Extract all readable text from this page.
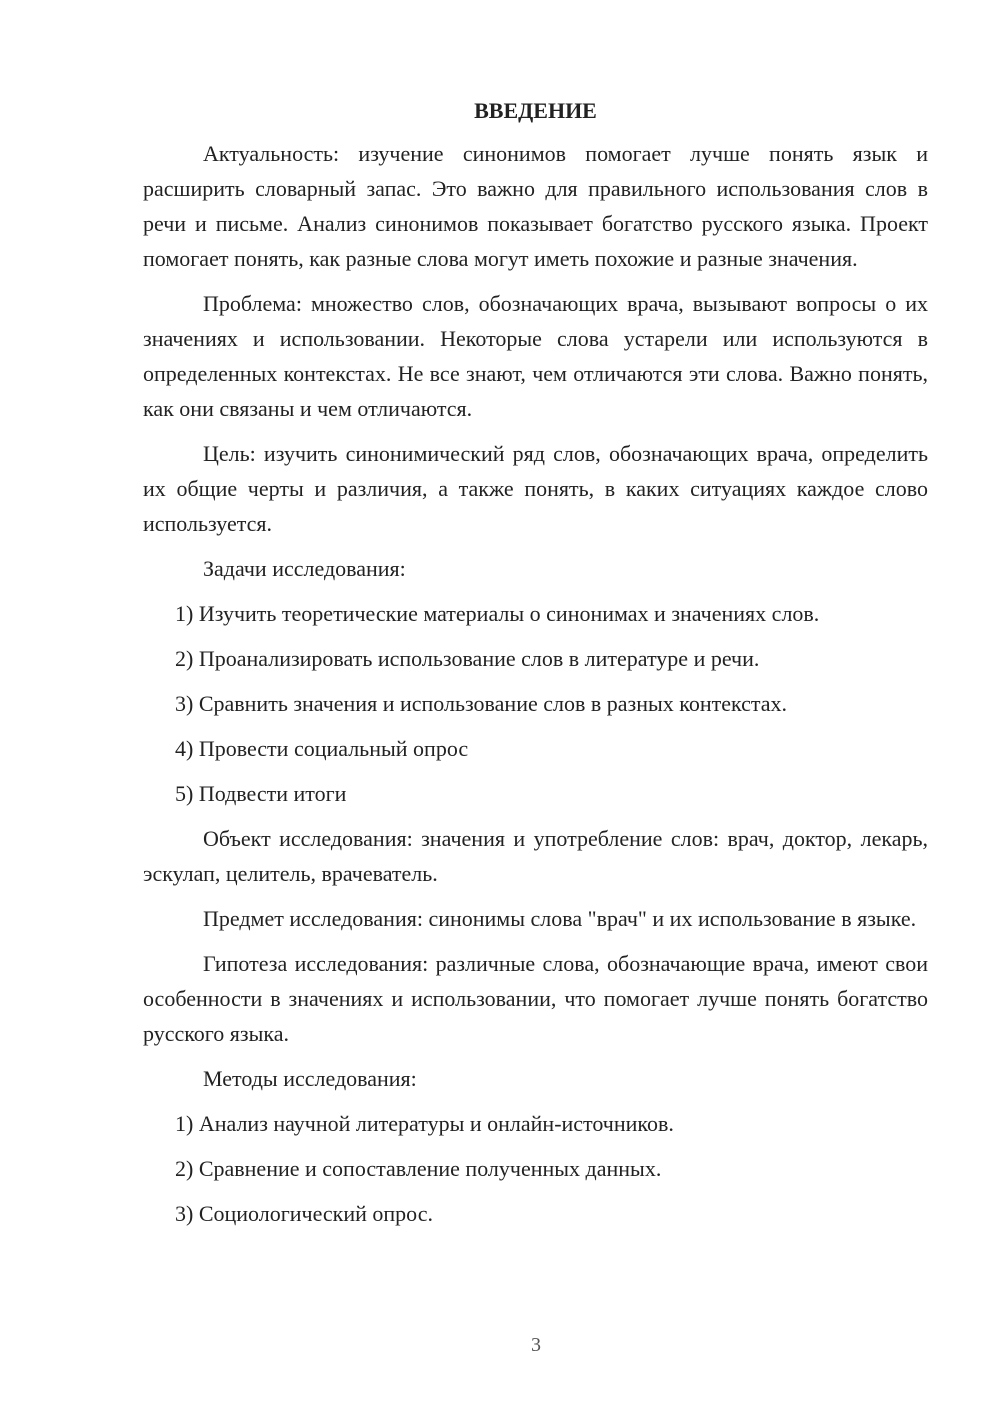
ВВЕДЕНИЕ
Актуальность: изучение синонимов помогает лучше понять язык и расширить словарный запас. Это важно для правильного использования слов в речи и письме. Анализ синонимов показывает богатство русского языка. Проект помогает понять, как разные слова могут иметь похожие и разные значения.
Проблема: множество слов, обозначающих врача, вызывают вопросы о их значениях и использовании. Некоторые слова устарели или используются в определенных контекстах. Не все знают, чем отличаются эти слова. Важно понять, как они связаны и чем отличаются.
Цель: изучить синонимический ряд слов, обозначающих врача, определить их общие черты и различия, а также понять, в каких ситуациях каждое слово используется.
Задачи исследования:
1) Изучить теоретические материалы о синонимах и значениях слов.
2) Проанализировать использование слов в литературе и речи.
3) Сравнить значения и использование слов в разных контекстах.
4) Провести социальный опрос
5) Подвести итоги
Объект исследования: значения и употребление слов: врач, доктор, лекарь, эскулап, целитель, врачеватель.
Предмет исследования: синонимы слова "врач" и их использование в языке.
Гипотеза исследования: различные слова, обозначающие врача, имеют свои особенности в значениях и использовании, что помогает лучше понять богатство русского языка.
Методы исследования:
1) Анализ научной литературы и онлайн-источников.
2) Сравнение и сопоставление полученных данных.
3) Социологический опрос.
3
